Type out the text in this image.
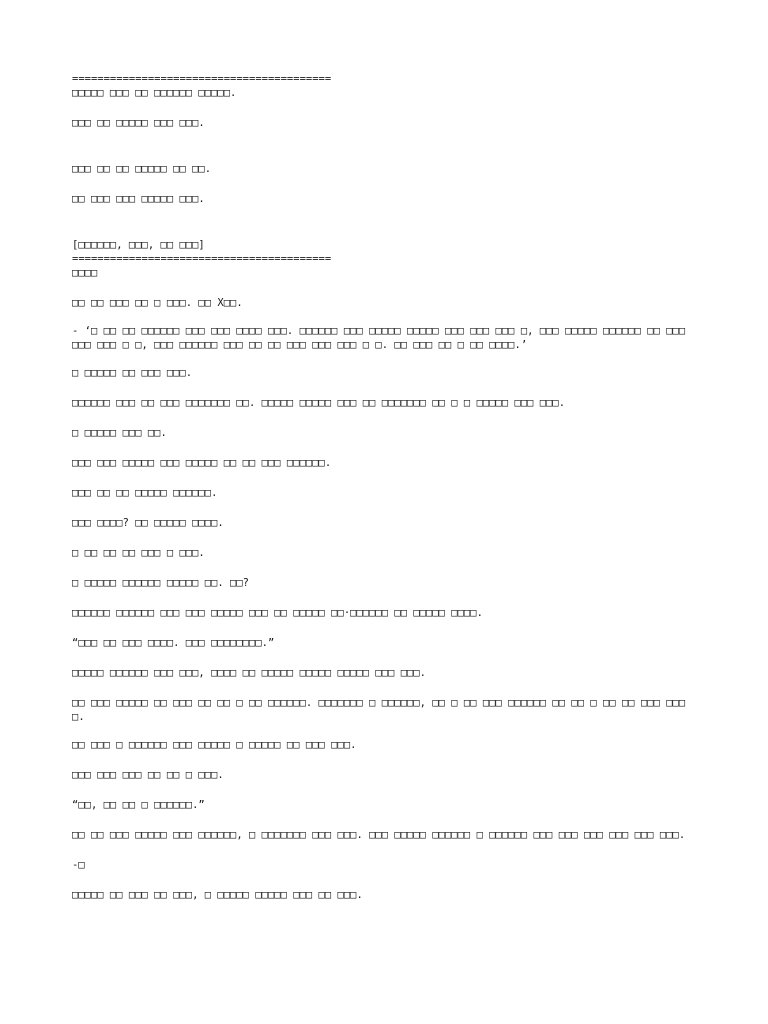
=========================================

□□□□□ □□□ □□ □□□□□□ □□□□□.

□□□ □□ □□□□□ □□□ □□□.

□□□ □□ □□ □□□□□ □□ □□.

□□ □□□ □□□ □□□□□ □□□.

[□□□□□□, □□□, □□ □□□]

=========================================

□□□□

□□ □□ □□□ □□ □ □□□. □□ X□□.

- ‘□ □□ □□ □□□□□□ □□□ □□□ □□□□ □□□. □□□□□□ □□□ □□□□□ □□□□□ □□□ □□□ □□□ □, □□□ □□□□□ □□□□□□ □□ □□□ □□□ □□□ □ □, □□□ □□□□□□ □□□ □□ □□ □□□ □□□ □□□ □ □. □□ □□□ □□ □ □□ □□□□.’

□ □□□□□ □□ □□□ □□□.

□□□□□□ □□□ □□ □□□ □□□□□□□ □□. □□□□□ □□□□□ □□□ □□ □□□□□□□ □□ □ □ □□□□□ □□□ □□□.

□ □□□□□ □□□ □□.

□□□ □□□ □□□□□ □□□ □□□□□ □□ □□ □□□ □□□□□□.

□□□ □□ □□ □□□□□ □□□□□□.

□□□ □□□□? □□ □□□□□ □□□□.

□ □□ □□ □□ □□□ □ □□□.

□ □□□□□ □□□□□□ □□□□□ □□. □□?

□□□□□□ □□□□□□ □□□ □□□ □□□□□ □□□ □□ □□□□□ □□·□□□□□□ □□ □□□□□ □□□□.

“□□□ □□ □□□ □□□□. □□□ □□□□□□□□.”

□□□□□ □□□□□□ □□□ □□□, □□□□ □□ □□□□□ □□□□□ □□□□□ □□□ □□□.

□□ □□□ □□□□□ □□ □□□ □□ □□ □ □□ □□□□□□. □□□□□□□ □ □□□□□□, □□ □ □□ □□□ □□□□□□ □□ □□ □ □□ □□ □□□ □□□□.

□□ □□□ □ □□□□□□ □□□ □□□□□ □ □□□□□ □□ □□□ □□□.

□□□ □□□ □□□ □□ □□ □ □□□.

“□□, □□ □□ □ □□□□□□.”

□□ □□ □□□ □□□□□ □□□ □□□□□□, □ □□□□□□□ □□□ □□□. □□□ □□□□□ □□□□□□ □ □□□□□□ □□□ □□□ □□□ □□□ □□□ □□□.

-□

□□□□□ □□ □□□ □□ □□□, □ □□□□□ □□□□□ □□□ □□ □□□.
